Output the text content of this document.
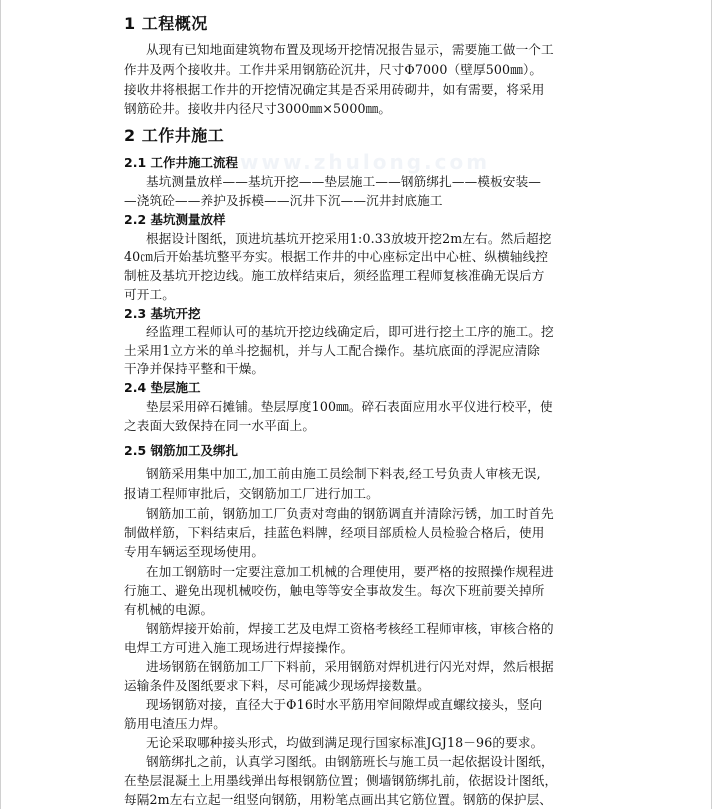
www.zhulong.com
1 工程概况
从现有已知地面建筑物布置及现场开挖情况报告显示，需要施工做一个工
作井及两个接收井。工作井采用钢筋砼沉井，尺寸Φ7000（壁厚500㎜）。
接收井将根据工作井的开挖情况确定其是否采用砖砌井，如有需要，将采用
钢筋砼井。接收井内径尺寸3000㎜×5000㎜。
2 工作井施工
2.1 工作井施工流程
基坑测量放样——基坑开挖——垫层施工——钢筋绑扎——模板安装—
—浇筑砼——养护及拆模——沉井下沉——沉井封底施工
2.2 基坑测量放样
根据设计图纸，顶进坑基坑开挖采用1:0.33放坡开挖2m左右。然后超挖
40㎝后开始基坑整平夯实。根据工作井的中心座标定出中心桩、纵横轴线控
制桩及基坑开挖边线。施工放样结束后，须经监理工程师复核准确无误后方
可开工。
2.3 基坑开挖
经监理工程师认可的基坑开挖边线确定后，即可进行挖土工序的施工。挖
土采用1立方米的单斗挖掘机，并与人工配合操作。基坑底面的浮泥应清除
干净并保持平整和干燥。
2.4 垫层施工
垫层采用碎石摊铺。垫层厚度100㎜。碎石表面应用水平仪进行校平，使
之表面大致保持在同一水平面上。
2.5 钢筋加工及绑扎
钢筋采用集中加工,加工前由施工员绘制下料表,经工号负责人审核无误,
报请工程师审批后，交钢筋加工厂进行加工。
钢筋加工前，钢筋加工厂负责对弯曲的钢筋调直并清除污锈，加工时首先
制做样筋，下料结束后，挂蓝色料牌，经项目部质检人员检验合格后，使用
专用车辆运至现场使用。
在加工钢筋时一定要注意加工机械的合理使用，要严格的按照操作规程进
行施工、避免出现机械咬伤，触电等等安全事故发生。每次下班前要关掉所
有机械的电源。
钢筋焊接开始前，焊接工艺及电焊工资格考核经工程师审核，审核合格的
电焊工方可进入施工现场进行焊接操作。
进场钢筋在钢筋加工厂下料前，采用钢筋对焊机进行闪光对焊，然后根据
运输条件及图纸要求下料，尽可能减少现场焊接数量。
现场钢筋对接，直径大于Φ16时水平筋用窄间隙焊或直螺纹接头，竖向
筋用电渣压力焊。
无论采取哪种接头形式，均做到满足现行国家标准JGJ18－96的要求。
钢筋绑扎之前，认真学习图纸。由钢筋班长与施工员一起依据设计图纸，
在垫层混凝土上用墨线弹出每根钢筋位置；侧墙钢筋绑扎前，依据设计图纸，
每隔2m左右立起一组竖向钢筋，用粉笔点画出其它筋位置。钢筋的保护层、
